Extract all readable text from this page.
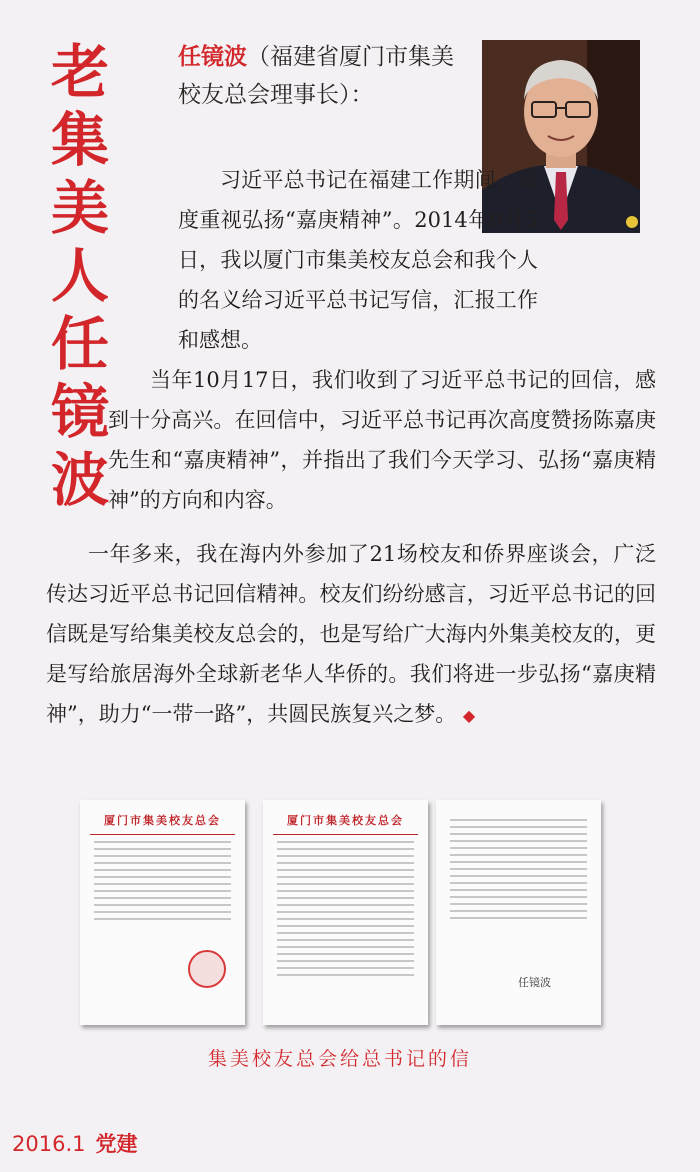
老
集
美
人
任
镜
波
任镜波（福建省厦门市集美校友总会理事长）：

习近平总书记在福建工作期间，高度重视弘扬“嘉庚精神”。2014年9月5日，我以厦门市集美校友总会和我个人的名义给习近平总书记写信，汇报工作和感想。

当年10月17日，我们收到了习近平总书记的回信，感到十分高兴。在回信中，习近平总书记再次高度赞扬陈嘉庚先生和“嘉庚精神”，并指出了我们今天学习、弘扬“嘉庚精神”的方向和内容。

一年多来，我在海内外参加了21场校友和侨界座谈会，广泛传达习近平总书记回信精神。校友们纷纷感言，习近平总书记的回信既是写给集美校友总会的，也是写给广大海内外集美校友的，更是写给旅居海外全球新老华人华侨的。我们将进一步弘扬“嘉庚精神”，助力“一带一路”，共圆民族复兴之梦。 ◆

厦门市集美校友总会	厦门市集美校友总会
任镜波
集美校友总会给总书记的信
2016.1 党建
